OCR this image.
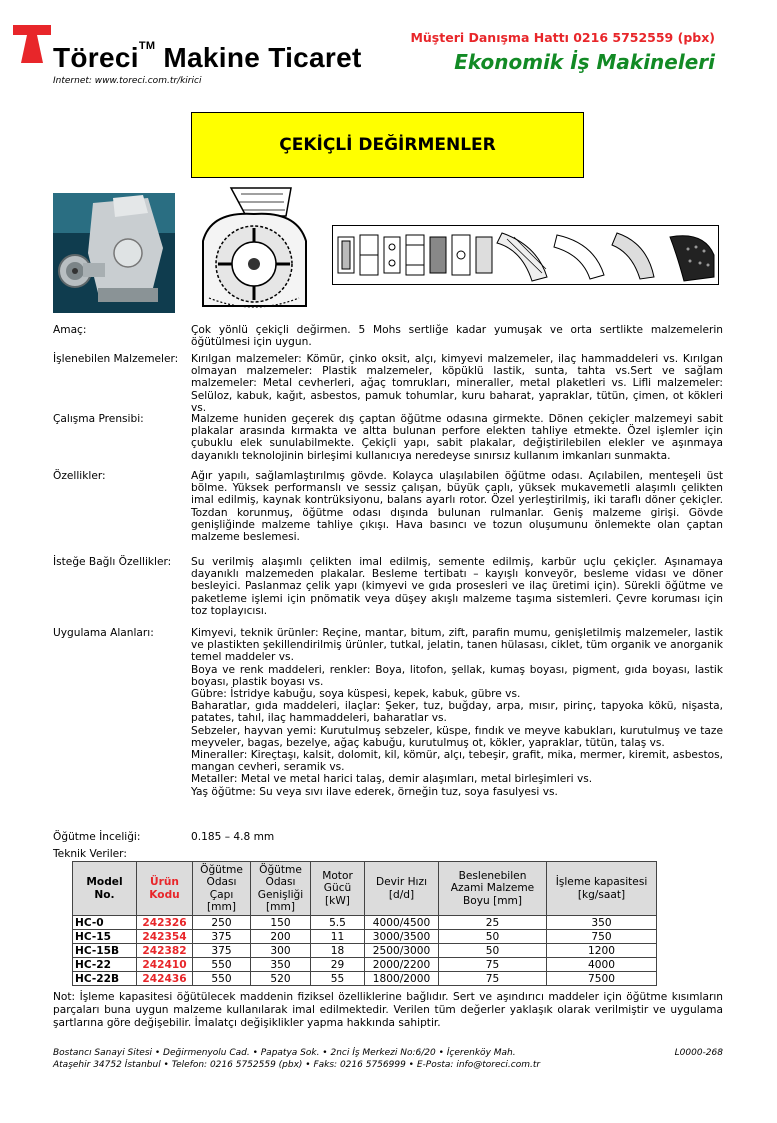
Töreci™ Makine Ticaret
Internet: www.toreci.com.tr/kirici
Müşteri Danışma Hattı 0216 5752559 (pbx)
Ekonomik İş Makineleri
ÇEKİÇLİ DEĞİRMENLER
Amaç:	Çok yönlü çekiçli değirmen. 5 Mohs sertliğe kadar yumuşak ve orta sertlikte malzemelerin öğütülmesi için uygun.

İşlenebilen Malzemeler: Kırılgan malzemeler: Kömür, çinko oksit, alçı, kimyevi malzemeler, ilaç hammaddeleri vs. Kırılgan olmayan malzemeler: Plastik malzemeler, köpüklü lastik, sunta, tahta vs.Sert ve sağlam malzemeler: Metal cevherleri, ağaç tomrukları, mineraller, metal plaketleri vs. Lifli malzemeler: Selüloz, kabuk, kağıt, asbestos, pamuk tohumlar, kuru baharat, yapraklar, tütün, çimen, ot kökleri vs.

Çalışma Prensibi:	Malzeme huniden geçerek dış çaptan öğütme odasına girmekte. Dönen çekiçler malzemeyi sabit plakalar arasında kırmakta ve altta bulunan perfore elekten tahliye etmekte. Özel işlemler için çubuklu elek sunulabilmekte. Çekiçli yapı, sabit plakalar, değiştirilebilen elekler ve aşınmaya dayanıklı teknolojinin birleşimi kullanıcıya neredeyse sınırsız kullanım imkanları sunmakta.

Özellikler:	Ağır yapılı, sağlamlaştırılmış gövde. Kolayca ulaşılabilen öğütme odası. Açılabilen, menteşeli üst bölme. Yüksek performanslı ve sessiz çalışan, büyük çaplı, yüksek mukavemetli alaşımlı çelikten imal edilmiş, kaynak kontrüksiyonu, balans ayarlı rotor. Özel yerleştirilmiş, iki taraflı döner çekiçler. Tozdan korunmuş, öğütme odası dışında bulunan rulmanlar. Geniş malzeme girişi. Gövde genişliğinde malzeme tahliye çıkışı. Hava basıncı ve tozun oluşumunu önlemekte olan çaptan malzeme beslemesi.

İsteğe Bağlı Özellikler: Su verilmiş alaşımlı çelikten imal edilmiş, semente edilmiş, karbür uçlu çekiçler. Aşınamaya dayanıklı malzemeden plakalar. Besleme tertibatı – kayışlı konveyör, besleme vidası ve döner besleyici. Paslanmaz çelik yapı (kimyevi ve gıda prosesleri ve ilaç üretimi için). Sürekli öğütme ve paketleme işlemi için pnömatik veya düşey akışlı malzeme taşıma sistemleri. Çevre koruması için toz toplayıcısı.

Uygulama Alanları:	Kimyevi, teknik ürünler: Reçine, mantar, bitum, zift, parafin mumu, genişletilmiş malzemeler, lastik ve plastikten şekillendirilmiş ürünler, tutkal, jelatin, tanen hülasası, ciklet, tüm organik ve anorganik temel maddeler vs.

Boya ve renk maddeleri, renkler: Boya, litofon, şellak, kumaş boyası, pigment, gıda boyası, lastik boyası, plastik boyası vs.

Gübre: İstridye kabuğu, soya küspesi, kepek, kabuk, gübre vs.

Baharatlar, gıda maddeleri, ilaçlar: Şeker, tuz, buğday, arpa, mısır, pirinç, tapyoka kökü, nişasta, patates, tahıl, ilaç hammaddeleri, baharatlar vs.

Sebzeler, hayvan yemi: Kurutulmuş sebzeler, küspe, fındık ve meyve kabukları, kurutulmuş ve taze meyveler, bagas, bezelye, ağaç kabuğu, kurutulmuş ot, kökler, yapraklar, tütün, talaş vs.

Mineraller: Kireçtaşı, kalsit, dolomit, kil, kömür, alçı, tebeşir, grafit, mika, mermer, kiremit, asbestos, mangan cevheri, seramik vs.

Metaller: Metal ve metal harici talaş, demir alaşımları, metal birleşimleri vs.

Yaş öğütme: Su veya sıvı ilave ederek, örneğin tuz, soya fasulyesi vs.

Öğütme İnceliği:	0.185 – 4.8 mm

Teknik Veriler:
Model No.	Ürün Kodu	Öğütme Odası Çapı [mm]	Öğütme Odası Genişliği [mm]	Motor Gücü [kW]	Devir Hızı [d/d]	Beslenebilen Azami Malzeme Boyu [mm]	İşleme kapasitesi [kg/saat]
HC-0	242326	250	150	5.5	4000/4500	25	350
HC-15	242354	375	200	11	3000/3500	50	750
HC-15B	242382	375	300	18	2500/3000	50	1200
HC-22	242410	550	350	29	2000/2200	75	4000
HC-22B	242436	550	520	55	1800/2000	75	7500
Not: İşleme kapasitesi öğütülecek maddenin fiziksel özelliklerine bağlıdır. Sert ve aşındırıcı maddeler için öğütme kısımların parçaları buna uygun malzeme kullanılarak imal edilmektedir. Verilen tüm değerler yaklaşık olarak verilmiştir ve uygulama şartlarına göre değişebilir. İmalatçı değişiklikler yapma hakkında sahiptir.
Bostancı Sanayi Sitesi • Değirmenyolu Cad. • Papatya Sok. • 2nci İş Merkezi No:6/20 • İçerenköy Mah.
Ataşehir 34752 İstanbul • Telefon: 0216 5752559 (pbx) • Faks: 0216 5756999 • E-Posta: info@toreci.com.tr
L0000-268
